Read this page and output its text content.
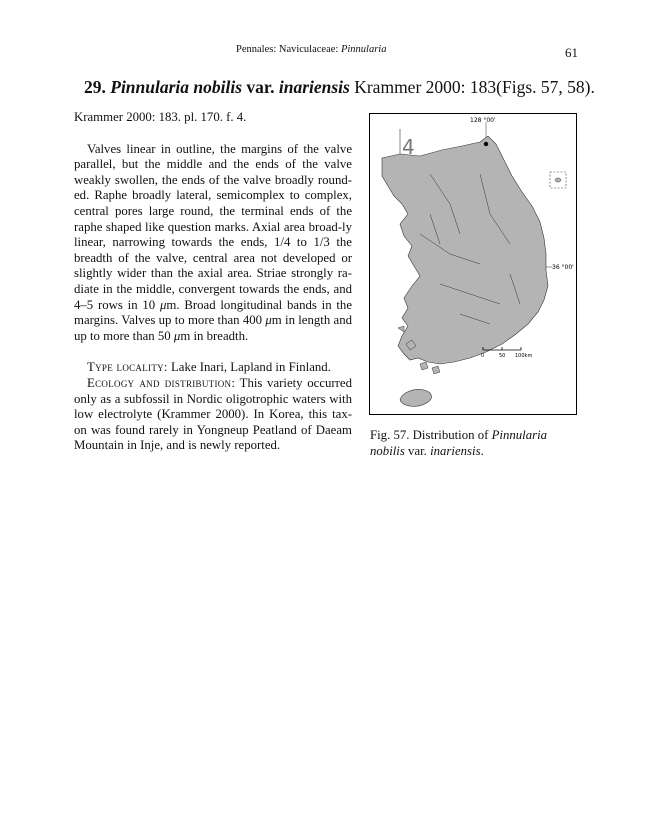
Pennales: Naviculaceae: Pinnularia	61
29. Pinnularia nobilis var. inariensis Krammer 2000: 183(Figs. 57, 58).

Krammer 2000: 183. pl. 170. f. 4.

Valves linear in outline, the margins of the valve parallel, but the middle and the ends of the valve weakly swollen, the ends of the valve broadly round-ed. Raphe broadly lateral, semicomplex to complex, central pores large round, the terminal ends of the raphe shaped like question marks. Axial area broad-ly linear, narrowing towards the ends, 1/4 to 1/3 the breadth of the valve, central area not developed or slightly wider than the axial area. Striae strongly ra-diate in the middle, convergent towards the ends, and 4–5 rows in 10 μm. Broad longitudinal bands in the margins. Valves up to more than 400 μm in length and up to more than 50 μm in breadth.

Type locality: Lake Inari, Lapland in Finland.

Ecology and distribution: This variety occurred only as a subfossil in Nordic oligotrophic waters with low electrolyte (Krammer 2000). In Korea, this tax-on was found rarely in Yongneup Peatland of Daeam Mountain in Inje, and is newly reported.

128 °00'
4
36 °00'
0	50 100km
Fig. 57. Distribution of Pinnularia nobilis var. inariensis.
